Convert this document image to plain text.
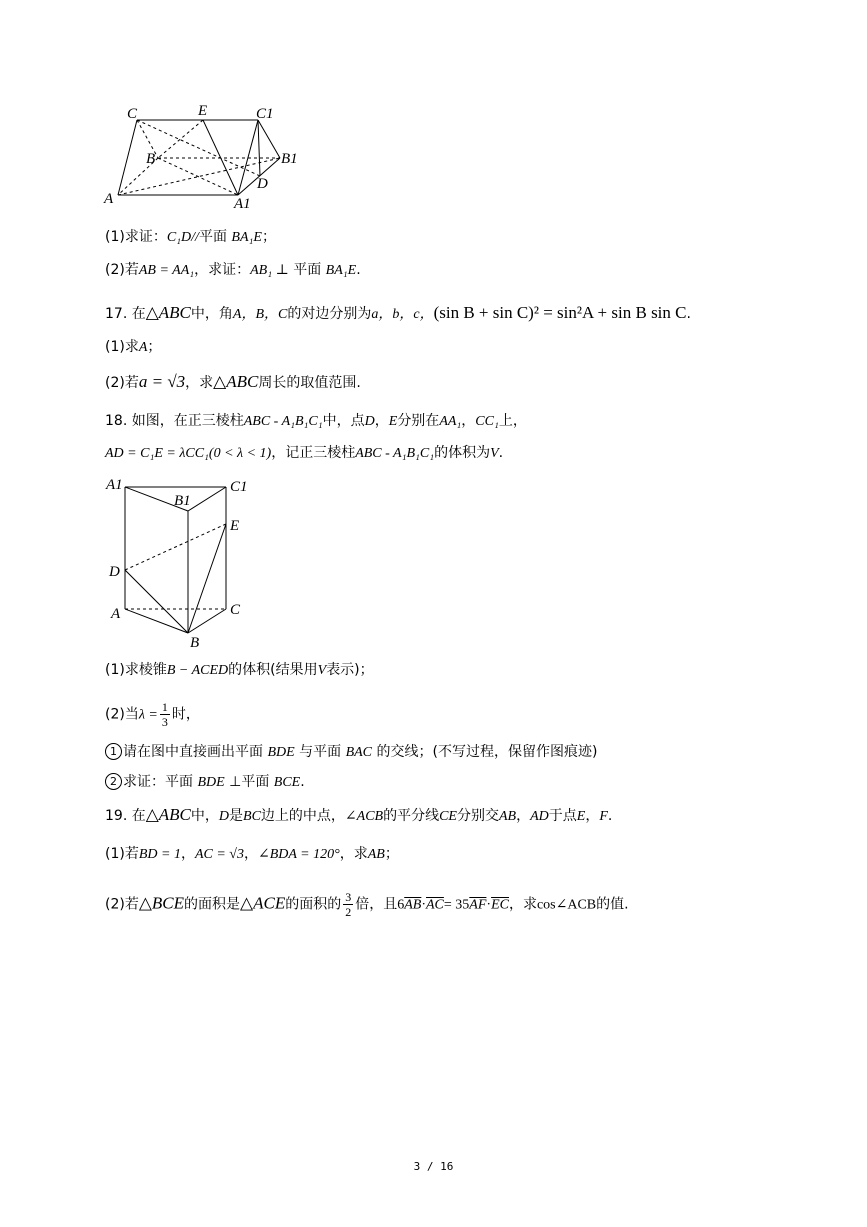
C	E	C1
B	B1
D
A	A1
(1)求证：C₁D//平面 BA₁E；
(2)若AB = AA₁，求证：AB₁ ⊥ 平面 BA₁E.
17. 在△ABC中，角A，B，C的对边分别为a，b，c，(sin B + sin C)² = sin²A + sin B sin C.
(1)求A；
(2)若a = √3，求△ABC周长的取值范围.
18. 如图，在正三棱柱ABC - A₁B₁C₁中，点D，E分别在AA₁，CC₁上，
AD = C₁E = λCC₁(0 < λ < 1)，记正三棱柱ABC - A₁B₁C₁的体积为V.
A1
B1
C1
E
D
A	C
B
(1)求棱锥B − ACED的体积(结果用V表示)；
(2)当$\lambda = \frac{1}{3}$ 时，
1 请在图中直接画出平面 BDE 与平面 BAC 的交线；(不写过程，保留作图痕迹)
2 求证：平面 BDE ⊥平面 BCE.
19. 在△ABC中，D是BC边上的中点，∠ACB的平分线CE分别交AB，AD于点E，F.
(1)若BD = 1，AC = √3，∠BDA = 120°，求AB；
(2)若△BCE的面积是△ACE的面积的 $\frac{3}{2}$ 倍，且$6\overline{AB}\cdot\overline{AC}= 35\overline{AF}\cdot\overline{EC}$，求cos∠ACB的值.
3 / 16
